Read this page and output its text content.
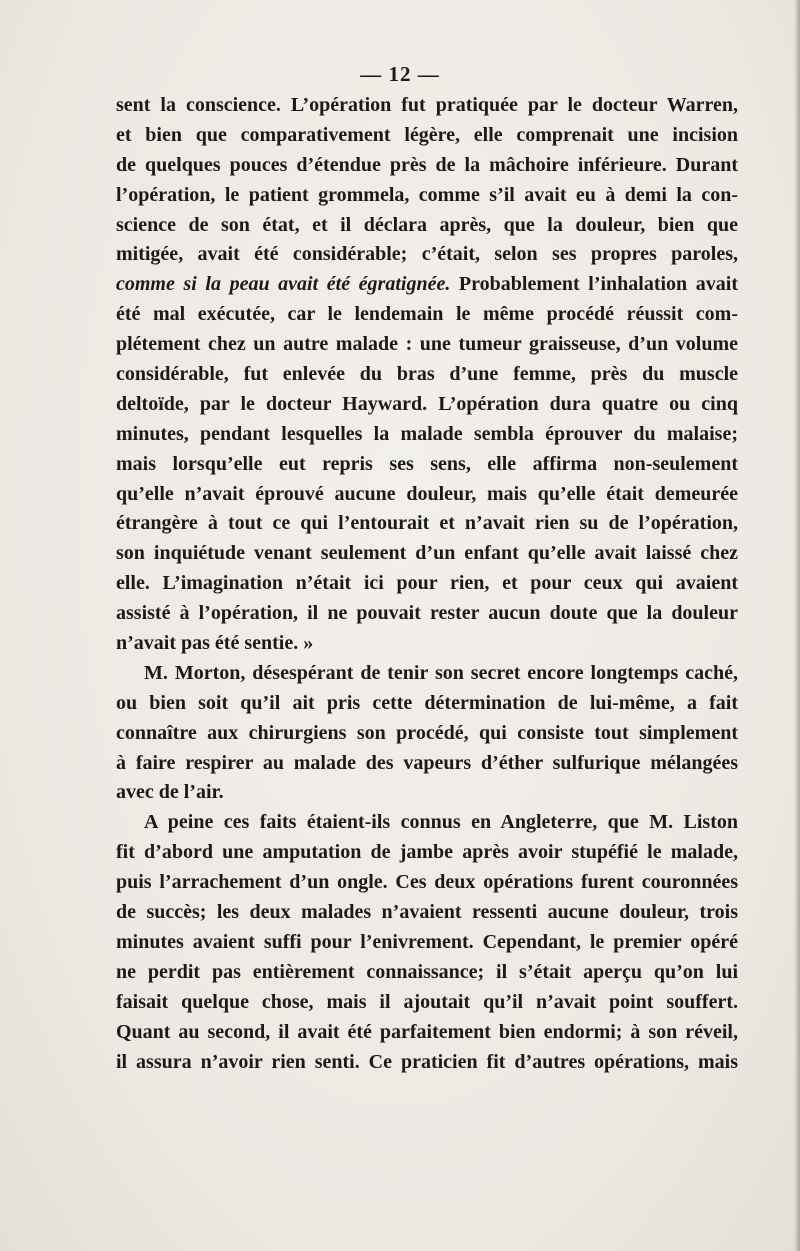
— 12 —
sent la conscience. L’opération fut pratiquée par le docteur Warren,
et bien que comparativement légère, elle comprenait une incision
de quelques pouces d’étendue près de la mâchoire inférieure. Durant
l’opération, le patient grommela, comme s’il avait eu à demi la con-
science de son état, et il déclara après, que la douleur, bien que
mitigée, avait été considérable; c’était, selon ses propres paroles,
comme si la peau avait été égratignée. Probablement l’inhalation avait
été mal exécutée, car le lendemain le même procédé réussit com-
plétement chez un autre malade : une tumeur graisseuse, d’un volume
considérable, fut enlevée du bras d’une femme, près du muscle
deltoïde, par le docteur Hayward. L’opération dura quatre ou cinq
minutes, pendant lesquelles la malade sembla éprouver du malaise;
mais lorsqu’elle eut repris ses sens, elle affirma non-seulement
qu’elle n’avait éprouvé aucune douleur, mais qu’elle était demeurée
étrangère à tout ce qui l’entourait et n’avait rien su de l’opération,
son inquiétude venant seulement d’un enfant qu’elle avait laissé chez
elle. L’imagination n’était ici pour rien, et pour ceux qui avaient
assisté à l’opération, il ne pouvait rester aucun doute que la douleur
n’avait pas été sentie. »
M. Morton, désespérant de tenir son secret encore longtemps caché,
ou bien soit qu’il ait pris cette détermination de lui-même, a fait
connaître aux chirurgiens son procédé, qui consiste tout simplement
à faire respirer au malade des vapeurs d’éther sulfurique mélangées
avec de l’air.
A peine ces faits étaient-ils connus en Angleterre, que M. Liston
fit d’abord une amputation de jambe après avoir stupéfié le malade,
puis l’arrachement d’un ongle. Ces deux opérations furent couronnées
de succès; les deux malades n’avaient ressenti aucune douleur, trois
minutes avaient suffi pour l’enivrement. Cependant, le premier opéré
ne perdit pas entièrement connaissance; il s’était aperçu qu’on lui
faisait quelque chose, mais il ajoutait qu’il n’avait point souffert.
Quant au second, il avait été parfaitement bien endormi; à son réveil,
il assura n’avoir rien senti. Ce praticien fit d’autres opérations, mais
